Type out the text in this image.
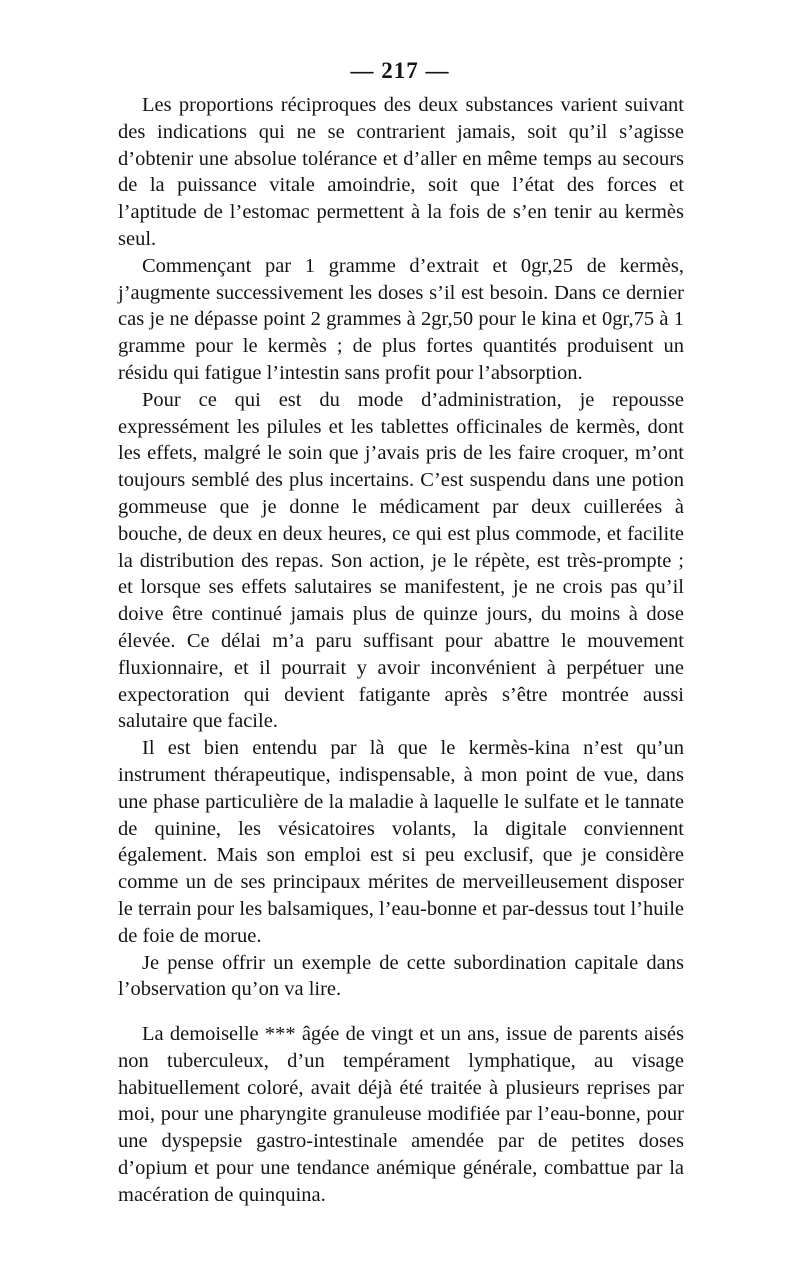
— 217 —

Les proportions réciproques des deux substances varient suivant des indications qui ne se contrarient jamais, soit qu’il s’agisse d’obtenir une absolue tolérance et d’aller en même temps au secours de la puissance vitale amoindrie, soit que l’état des forces et l’aptitude de l’estomac permettent à la fois de s’en tenir au kermès seul.

Commençant par 1 gramme d’extrait et 0gr,25 de kermès, j’augmente successivement les doses s’il est besoin. Dans ce dernier cas je ne dépasse point 2 grammes à 2gr,50 pour le kina et 0gr,75 à 1 gramme pour le kermès ; de plus fortes quantités produisent un résidu qui fatigue l’intestin sans profit pour l’absorption.

Pour ce qui est du mode d’administration, je repousse expressément les pilules et les tablettes officinales de kermès, dont les effets, malgré le soin que j’avais pris de les faire croquer, m’ont toujours semblé des plus incertains. C’est suspendu dans une potion gommeuse que je donne le médicament par deux cuillerées à bouche, de deux en deux heures, ce qui est plus commode, et facilite la distribution des repas. Son action, je le répète, est très-prompte ; et lorsque ses effets salutaires se manifestent, je ne crois pas qu’il doive être continué jamais plus de quinze jours, du moins à dose élevée. Ce délai m’a paru suffisant pour abattre le mouvement fluxionnaire, et il pourrait y avoir inconvénient à perpétuer une expectoration qui devient fatigante après s’être montrée aussi salutaire que facile.

Il est bien entendu par là que le kermès-kina n’est qu’un instrument thérapeutique, indispensable, à mon point de vue, dans une phase particulière de la maladie à laquelle le sulfate et le tannate de quinine, les vésicatoires volants, la digitale conviennent également. Mais son emploi est si peu exclusif, que je considère comme un de ses principaux mérites de merveilleusement disposer le terrain pour les balsamiques, l’eau-bonne et par-dessus tout l’huile de foie de morue.

Je pense offrir un exemple de cette subordination capitale dans l’observation qu’on va lire.

La demoiselle *** âgée de vingt et un ans, issue de parents aisés non tuberculeux, d’un tempérament lymphatique, au visage habituellement coloré, avait déjà été traitée à plusieurs reprises par moi, pour une pharyngite granuleuse modifiée par l’eau-bonne, pour une dyspepsie gastro-intestinale amendée par de petites doses d’opium et pour une tendance anémique générale, combattue par la macération de quinquina.
